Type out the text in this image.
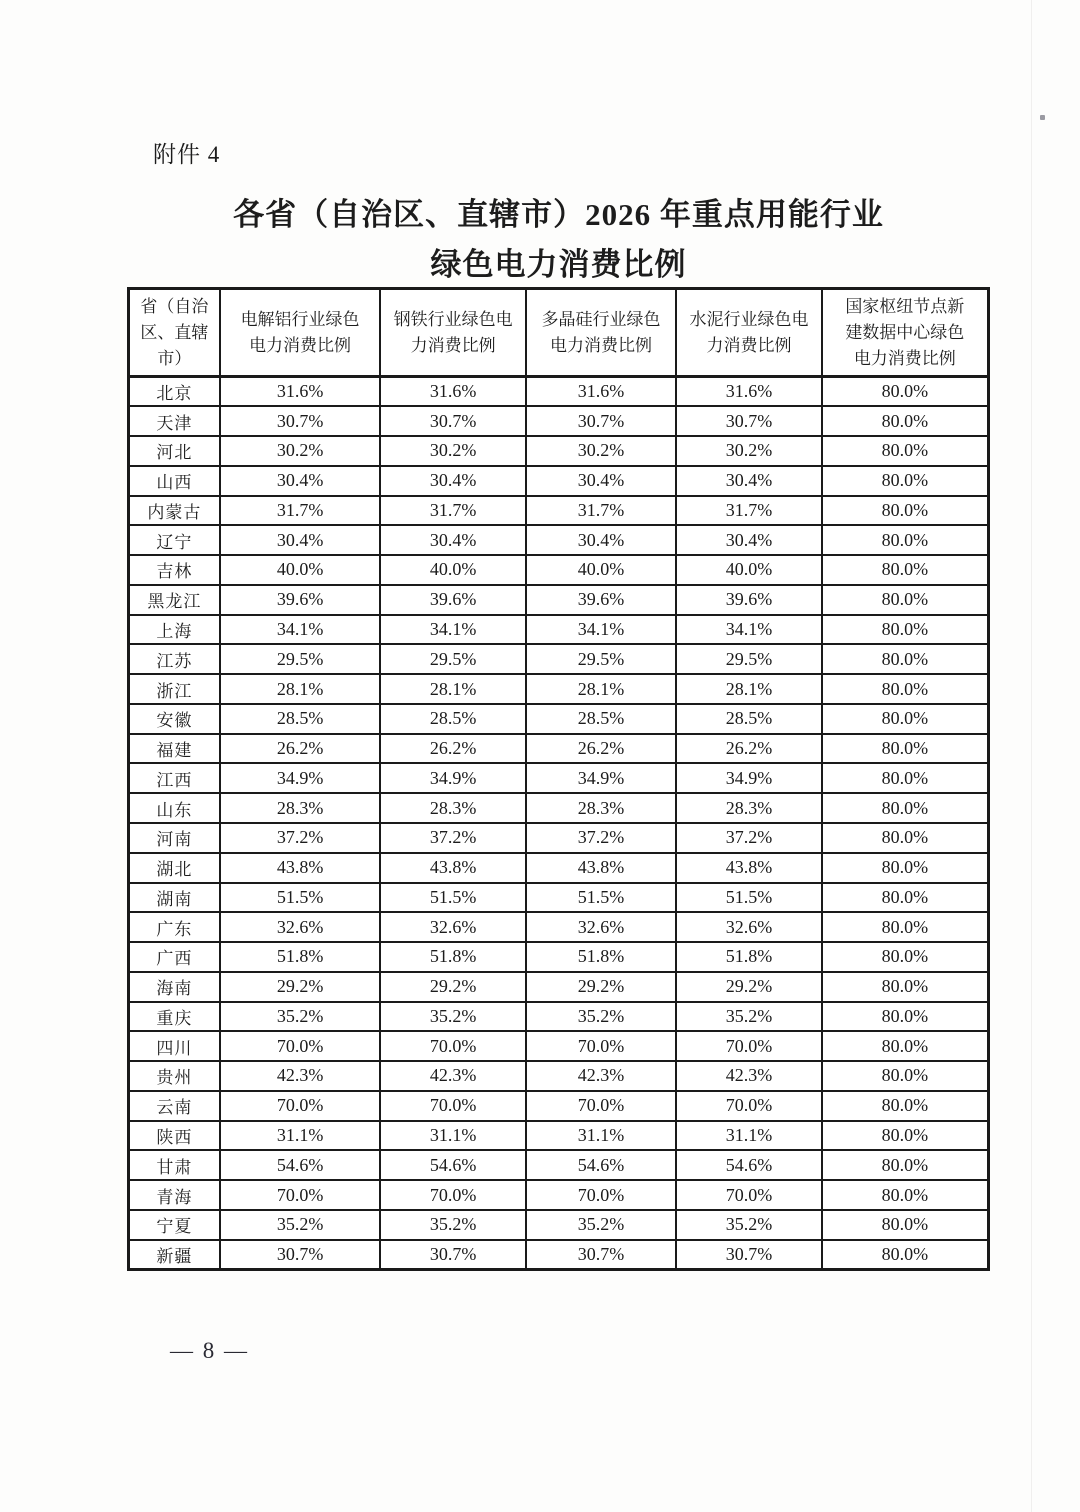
附件 4
各省（自治区、直辖市）2026 年重点用能行业
绿色电力消费比例
省（自治区、直辖市）	电解铝行业绿色电力消费比例	钢铁行业绿色电力消费比例	多晶硅行业绿色电力消费比例	水泥行业绿色电力消费比例	国家枢纽节点新建数据中心绿色电力消费比例

北京	31.6%	31.6%	31.6%	31.6%	80.0%
天津	30.7%	30.7%	30.7%	30.7%	80.0%
河北	30.2%	30.2%	30.2%	30.2%	80.0%
山西	30.4%	30.4%	30.4%	30.4%	80.0%
内蒙古	31.7%	31.7%	31.7%	31.7%	80.0%
辽宁	30.4%	30.4%	30.4%	30.4%	80.0%
吉林	40.0%	40.0%	40.0%	40.0%	80.0%
黑龙江	39.6%	39.6%	39.6%	39.6%	80.0%
上海	34.1%	34.1%	34.1%	34.1%	80.0%
江苏	29.5%	29.5%	29.5%	29.5%	80.0%
浙江	28.1%	28.1%	28.1%	28.1%	80.0%
安徽	28.5%	28.5%	28.5%	28.5%	80.0%
福建	26.2%	26.2%	26.2%	26.2%	80.0%
江西	34.9%	34.9%	34.9%	34.9%	80.0%
山东	28.3%	28.3%	28.3%	28.3%	80.0%
河南	37.2%	37.2%	37.2%	37.2%	80.0%
湖北	43.8%	43.8%	43.8%	43.8%	80.0%
湖南	51.5%	51.5%	51.5%	51.5%	80.0%
广东	32.6%	32.6%	32.6%	32.6%	80.0%
广西	51.8%	51.8%	51.8%	51.8%	80.0%
海南	29.2%	29.2%	29.2%	29.2%	80.0%
重庆	35.2%	35.2%	35.2%	35.2%	80.0%
四川	70.0%	70.0%	70.0%	70.0%	80.0%
贵州	42.3%	42.3%	42.3%	42.3%	80.0%
云南	70.0%	70.0%	70.0%	70.0%	80.0%
陕西	31.1%	31.1%	31.1%	31.1%	80.0%
甘肃	54.6%	54.6%	54.6%	54.6%	80.0%
青海	70.0%	70.0%	70.0%	70.0%	80.0%
宁夏	35.2%	35.2%	35.2%	35.2%	80.0%
新疆	30.7%	30.7%	30.7%	30.7%	80.0%
— 8 —
